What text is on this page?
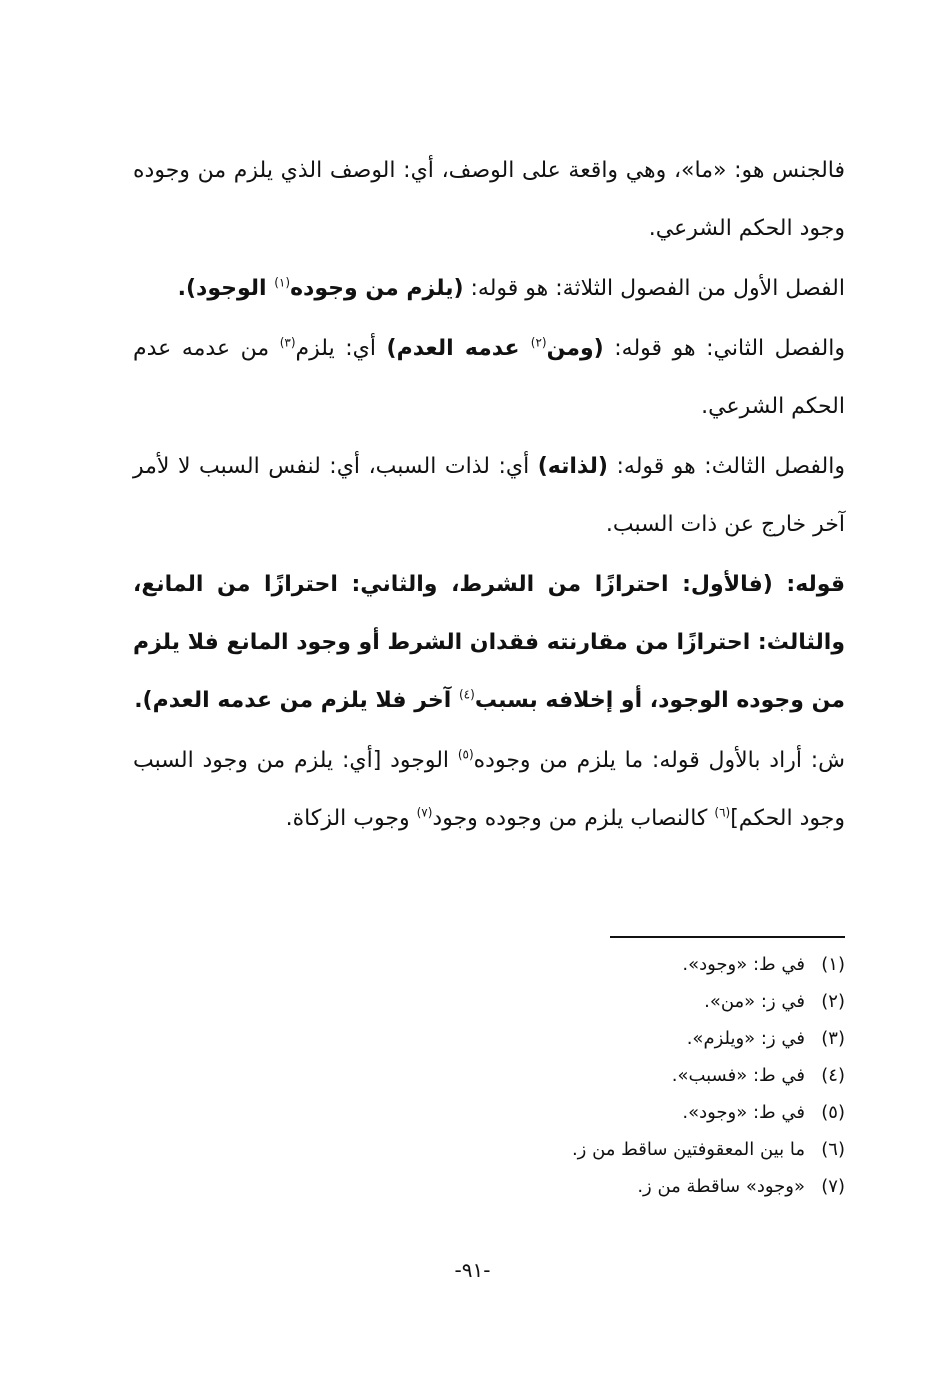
فالجنس هو: «ما»، وهي واقعة على الوصف، أي: الوصف الذي يلزم من وجوده وجود الحكم الشرعي.

الفصل الأول من الفصول الثلاثة: هو قوله: (يلزم من وجوده$^{(١)}$ الوجود).

والفصل الثاني: هو قوله: (ومن$^{(٢)}$ عدمه العدم) أي: يلزم$^{(٣)}$ من عدمه عدم الحكم الشرعي.

والفصل الثالث: هو قوله: (لذاته) أي: لذات السبب، أي: لنفس السبب لا لأمر آخر خارج عن ذات السبب.

قوله: (فالأول: احترازًا من الشرط، والثاني: احترازًا من المانع، والثالث: احترازًا من مقارنته فقدان الشرط أو وجود المانع فلا يلزم من وجوده الوجود، أو إخلافه بسبب$^{(٤)}$ آخر فلا يلزم من عدمه العدم).

ش: أراد بالأول قوله: ما يلزم من وجوده$^{(٥)}$ الوجود [أي: يلزم من وجود السبب وجود الحكم]$^{(٦)}$ كالنصاب يلزم من وجوده وجود$^{(٧)}$ وجوب الزكاة.

(١)في ط: «وجود».
(٢)في ز: «من».
(٣)في ز: «ويلزم».
(٤)في ط: «فسبب».
(٥)في ط: «وجود».
(٦)ما بين المعقوفتين ساقط من ز.
(٧)«وجود» ساقطة من ز.
-٩١-
